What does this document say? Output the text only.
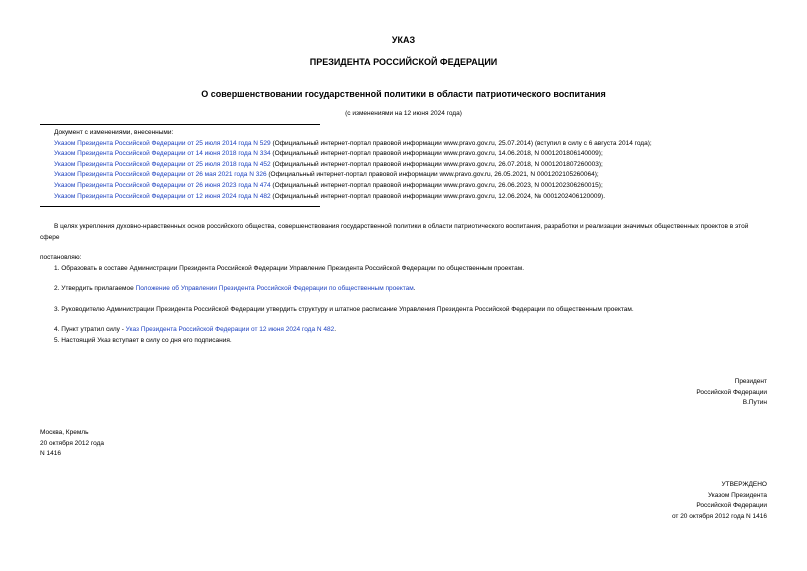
УКАЗ
ПРЕЗИДЕНТА РОССИЙСКОЙ ФЕДЕРАЦИИ
О совершенствовании государственной политики в области патриотического воспитания
(с изменениями на 12 июня 2024 года)
Документ с изменениями, внесенными:
Указом Президента Российской Федерации от 25 июля 2014 года N 529 (Официальный интернет-портал правовой информации www.pravo.gov.ru, 25.07.2014) (вступил в силу с 6 августа 2014 года);
Указом Президента Российской Федерации от 14 июня 2018 года N 334 (Официальный интернет-портал правовой информации www.pravo.gov.ru, 14.06.2018, N 0001201806140009);
Указом Президента Российской Федерации от 25 июля 2018 года N 452 (Официальный интернет-портал правовой информации www.pravo.gov.ru, 26.07.2018, N 0001201807260003);
Указом Президента Российской Федерации от 26 мая 2021 года N 326 (Официальный интернет-портал правовой информации www.pravo.gov.ru, 26.05.2021, N 0001202105260064);
Указом Президента Российской Федерации от 26 июня 2023 года N 474 (Официальный интернет-портал правовой информации www.pravo.gov.ru, 26.06.2023, N 0001202306260015);
Указом Президента Российской Федерации от 12 июня 2024 года N 482 (Официальный интернет-портал правовой информации www.pravo.gov.ru, 12.06.2024, № 0001202406120009).
В целях укрепления духовно-нравственных основ российского общества, совершенствования государственной политики в области патриотического воспитания, разработки и реализации значимых общественных проектов в этой сфере
постановляю:
1. Образовать в составе Администрации Президента Российской Федерации Управление Президента Российской Федерации по общественным проектам.
2. Утвердить прилагаемое Положение об Управлении Президента Российской Федерации по общественным проектам.
3. Руководителю Администрации Президента Российской Федерации утвердить структуру и штатное расписание Управления Президента Российской Федерации по общественным проектам.
4. Пункт утратил силу - Указ Президента Российской Федерации от 12 июня 2024 года N 482.
5. Настоящий Указ вступает в силу со дня его подписания.
Президент
Российской Федерации
В.Путин
Москва, Кремль
20 октября 2012 года
N 1416
УТВЕРЖДЕНО
Указом Президента
Российской Федерации
от 20 октября 2012 года N 1416
